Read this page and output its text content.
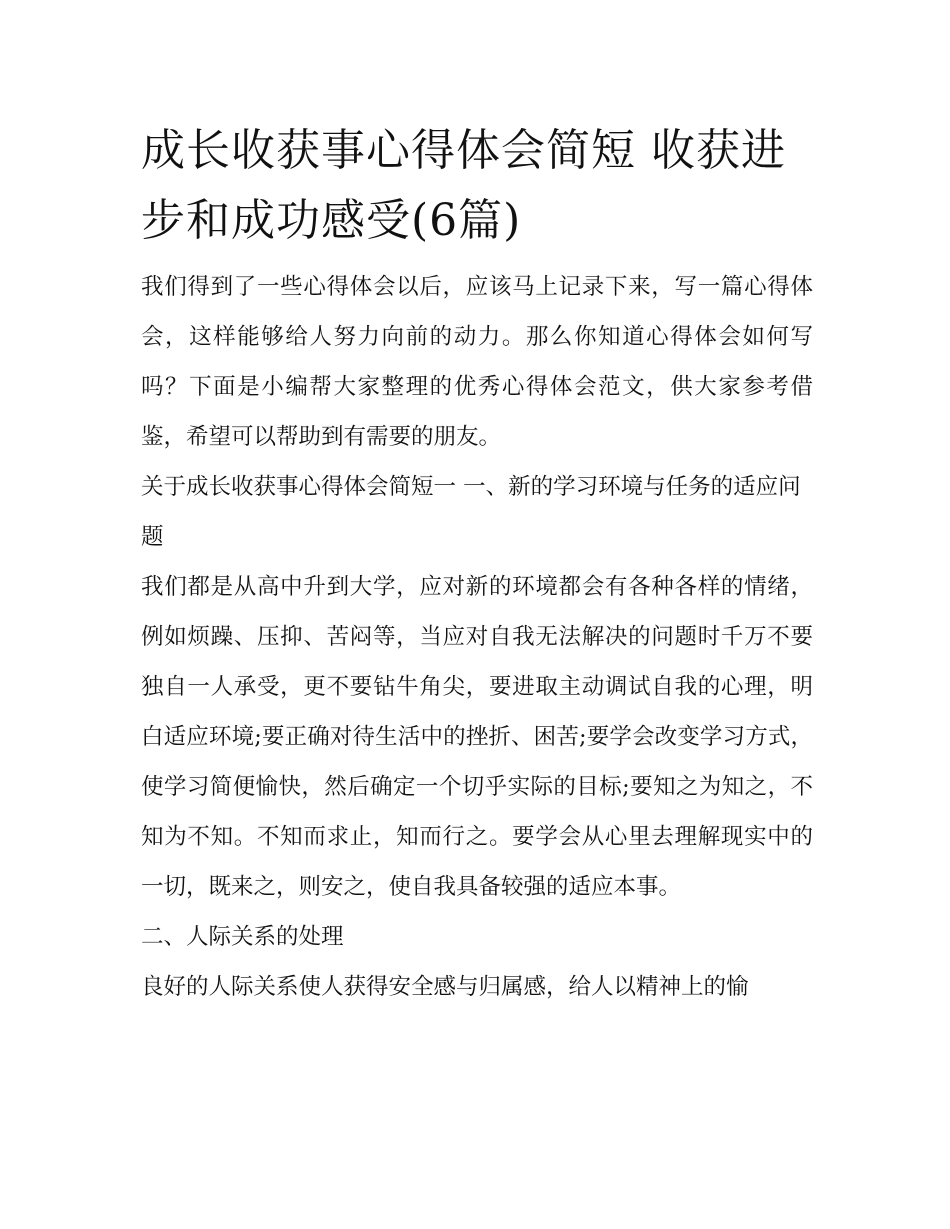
成长收获事心得体会简短 收获进步和成功感受(6篇)

我们得到了一些心得体会以后，应该马上记录下来，写一篇心得体会，这样能够给人努力向前的动力。那么你知道心得体会如何写吗？下面是小编帮大家整理的优秀心得体会范文，供大家参考借鉴，希望可以帮助到有需要的朋友。

关于成长收获事心得体会简短一 一、新的学习环境与任务的适应问题

我们都是从高中升到大学，应对新的环境都会有各种各样的情绪，例如烦躁、压抑、苦闷等，当应对自我无法解决的问题时千万不要独自一人承受，更不要钻牛角尖，要进取主动调试自我的心理，明白适应环境;要正确对待生活中的挫折、困苦;要学会改变学习方式，使学习简便愉快，然后确定一个切乎实际的目标;要知之为知之，不知为不知。不知而求止，知而行之。要学会从心里去理解现实中的一切，既来之，则安之，使自我具备较强的适应本事。

二、人际关系的处理

良好的人际关系使人获得安全感与归属感，给人以精神上的愉
